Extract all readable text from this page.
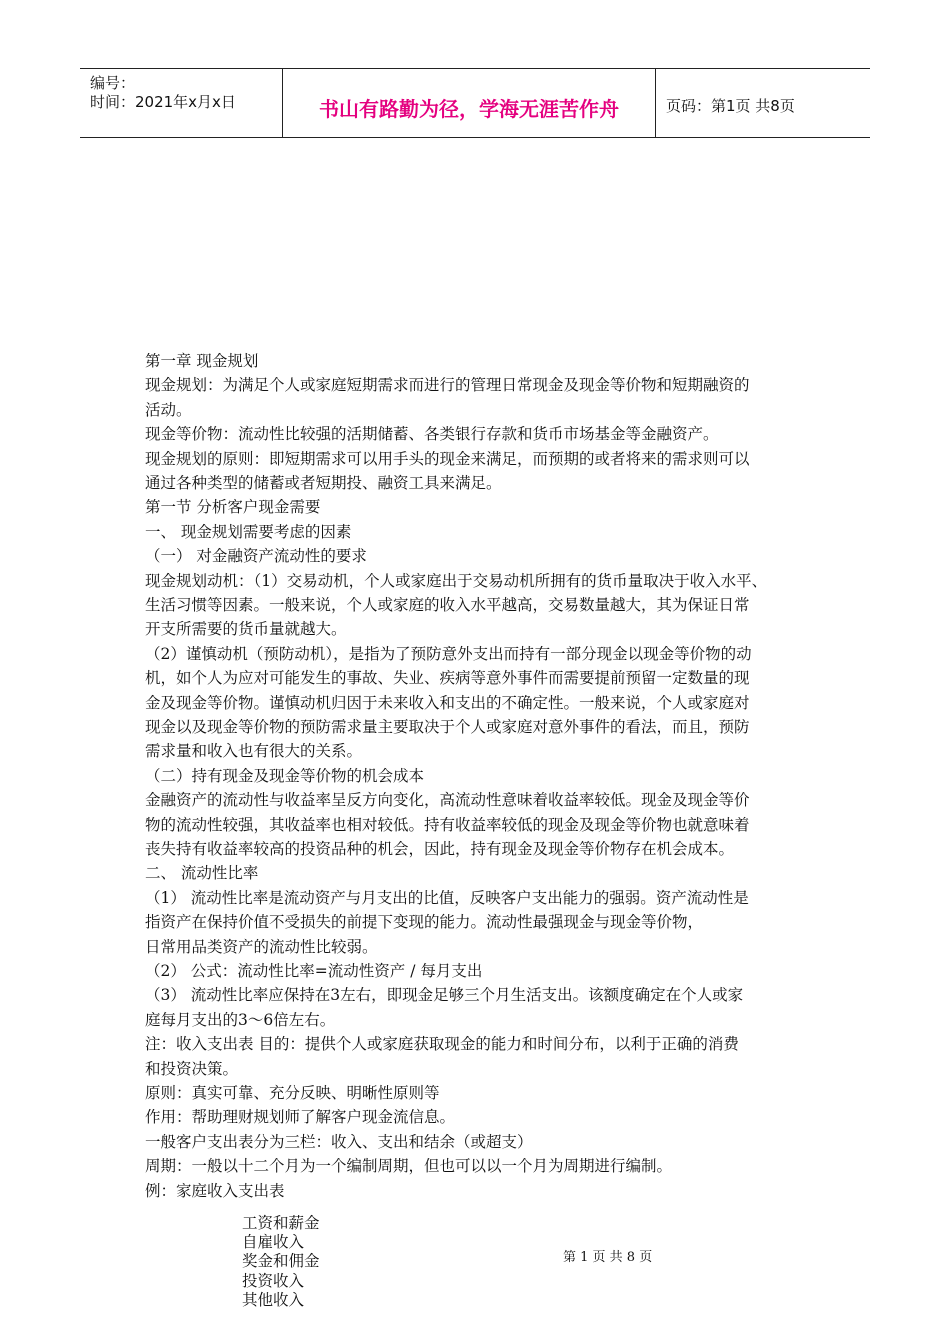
编号：
时间：2021年x月x日	书山有路勤为径，学海无涯苦作舟	页码：第1页 共8页
第一章 现金规划
现金规划：为满足个人或家庭短期需求而进行的管理日常现金及现金等价物和短期融资的
活动。
现金等价物：流动性比较强的活期储蓄、各类银行存款和货币市场基金等金融资产。
现金规划的原则：即短期需求可以用手头的现金来满足，而预期的或者将来的需求则可以
通过各种类型的储蓄或者短期投、融资工具来满足。
第一节 分析客户现金需要
一、 现金规划需要考虑的因素
（一） 对金融资产流动性的要求
现金规划动机：（1）交易动机，个人或家庭出于交易动机所拥有的货币量取决于收入水平、
生活习惯等因素。一般来说，个人或家庭的收入水平越高，交易数量越大，其为保证日常
开支所需要的货币量就越大。
（2）谨慎动机（预防动机），是指为了预防意外支出而持有一部分现金以现金等价物的动
机，如个人为应对可能发生的事故、失业、疾病等意外事件而需要提前预留一定数量的现
金及现金等价物。谨慎动机归因于未来收入和支出的不确定性。一般来说，个人或家庭对
现金以及现金等价物的预防需求量主要取决于个人或家庭对意外事件的看法，而且，预防
需求量和收入也有很大的关系。
（二）持有现金及现金等价物的机会成本
金融资产的流动性与收益率呈反方向变化，高流动性意味着收益率较低。现金及现金等价
物的流动性较强，其收益率也相对较低。持有收益率较低的现金及现金等价物也就意味着
丧失持有收益率较高的投资品种的机会，因此，持有现金及现金等价物存在机会成本。
二、 流动性比率
（1） 流动性比率是流动资产与月支出的比值，反映客户支出能力的强弱。资产流动性是
指资产在保持价值不受损失的前提下变现的能力。流动性最强现金与现金等价物，
日常用品类资产的流动性比较弱。
（2） 公式：流动性比率=流动性资产 / 每月支出
（3） 流动性比率应保持在3左右，即现金足够三个月生活支出。该额度确定在个人或家
庭每月支出的3～6倍左右。
注：收入支出表 目的：提供个人或家庭获取现金的能力和时间分布，以利于正确的消费
和投资决策。
原则：真实可靠、充分反映、明晰性原则等
作用：帮助理财规划师了解客户现金流信息。
一般客户支出表分为三栏：收入、支出和结余（或超支）
周期：一般以十二个月为一个编制周期，但也可以以一个月为周期进行编制。
例：家庭收入支出表
工资和薪金
自雇收入
奖金和佣金
投资收入
其他收入
第 1 页 共 8 页
